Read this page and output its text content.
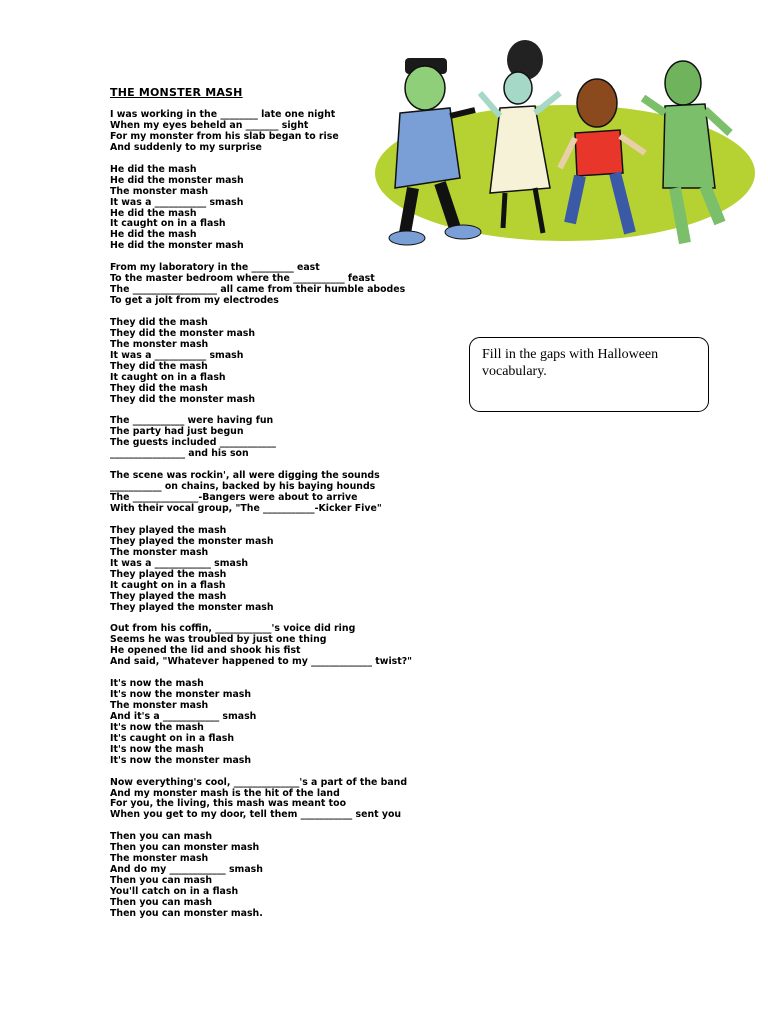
THE MONSTER MASH
I was working in the ________ late one night
When my eyes beheld an _______ sight
For my monster from his slab began to rise
And suddenly to my surprise
He did the mash
He did the monster mash
The monster mash
It was a ___________ smash
He did the mash
It caught on in a flash
He did the mash
He did the monster mash
From my laboratory in the _________ east
To the master bedroom where the ___________ feast
The __________________ all came from their humble abodes
To get a jolt from my electrodes
They did the mash
They did the monster mash
The monster mash
It was a ___________ smash
They did the mash
It caught on in a flash
They did the mash
They did the monster mash
The ___________ were having fun
The party had just begun
The guests included ____________
________________ and his son
The scene was rockin', all were digging the sounds
___________ on chains, backed by his baying hounds
The ______________-Bangers were about to arrive
With their vocal group, "The ___________-Kicker Five"
They played the mash
They played the monster mash
The monster mash
It was a ____________ smash
They played the mash
It caught on in a flash
They played the mash
They played the monster mash
Out from his coffin, ____________'s voice did ring
Seems he was troubled by just one thing
He opened the lid and shook his fist
And said, "Whatever happened to my _____________ twist?"
It's now the mash
It's now the monster mash
The monster mash
And it's a ____________ smash
It's now the mash
It's caught on in a flash
It's now the mash
It's now the monster mash
Now everything's cool, ______________'s a part of the band
And my monster mash is the hit of the land
For you, the living, this mash was meant too
When you get to my door, tell them ___________ sent you
Then you can mash
Then you can monster mash
The monster mash
And do my ____________ smash
Then you can mash
You'll catch on in a flash
Then you can mash
Then you can monster mash.
Fill in the gaps with Halloween vocabulary.
